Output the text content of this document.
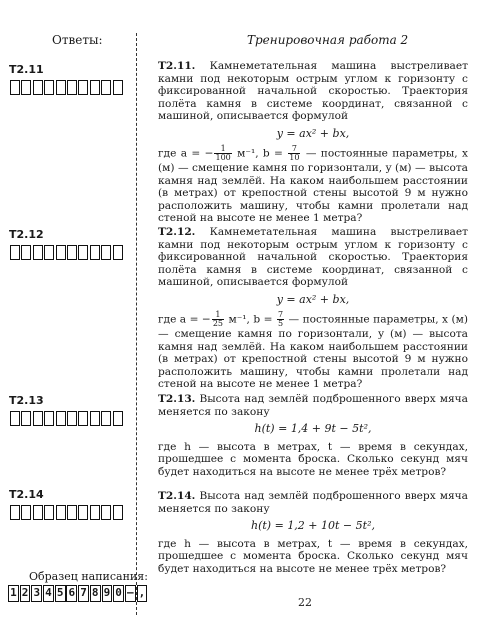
Ответы:	Тренировочная работа 2
Т2.11
Т2.12
Т2.13
Т2.14
Образец написания:
1 2 3 4 5 6 7 8 9 0 – ,
Т2.11. Камнеметательная машина выстреливает камни под некоторым острым углом к горизонту с фиксированной начальной скоростью. Траектория полёта камня в системе координат, связанной с машиной, описывается формулой
y = ax² + bx,
где a = − $\frac{1}{100} м^{-1}$, $b = \frac{7}{10}$ — постоянные параметры, x (м) — смещение камня по горизонтали, y (м) — высота камня над землёй. На каком наибольшем расстоянии (в метрах) от крепостной стены высотой 9 м нужно расположить машину, чтобы камни пролетали над стеной на высоте не менее 1 метра?
Т2.12. Камнеметательная машина выстреливает камни под некоторым острым углом к горизонту с фиксированной начальной скоростью. Траектория полёта камня в системе координат, связанной с машиной, описывается формулой
y = ax² + bx,
где a = − $\frac{1}{25} м^{-1}$, $b = \frac{7}{5}$ — постоянные параметры, x (м) — смещение камня по горизонтали, y (м) — высота камня над землёй. На каком наибольшем расстоянии (в метрах) от крепостной стены высотой 9 м нужно расположить машину, чтобы камни пролетали над стеной на высоте не менее 1 метра?
Т2.13. Высота над землёй подброшенного вверх мяча меняется по закону
h(t) = 1,4 + 9t − 5t²,
где h — высота в метрах, t — время в секундах, прошедшее с момента броска. Сколько секунд мяч будет находиться на высоте не менее трёх метров?
Т2.14. Высота над землёй подброшенного вверх мяча меняется по закону
h(t) = 1,2 + 10t − 5t²,
где h — высота в метрах, t — время в секундах, прошедшее с момента броска. Сколько секунд мяч будет находиться на высоте не менее трёх метров?
22
